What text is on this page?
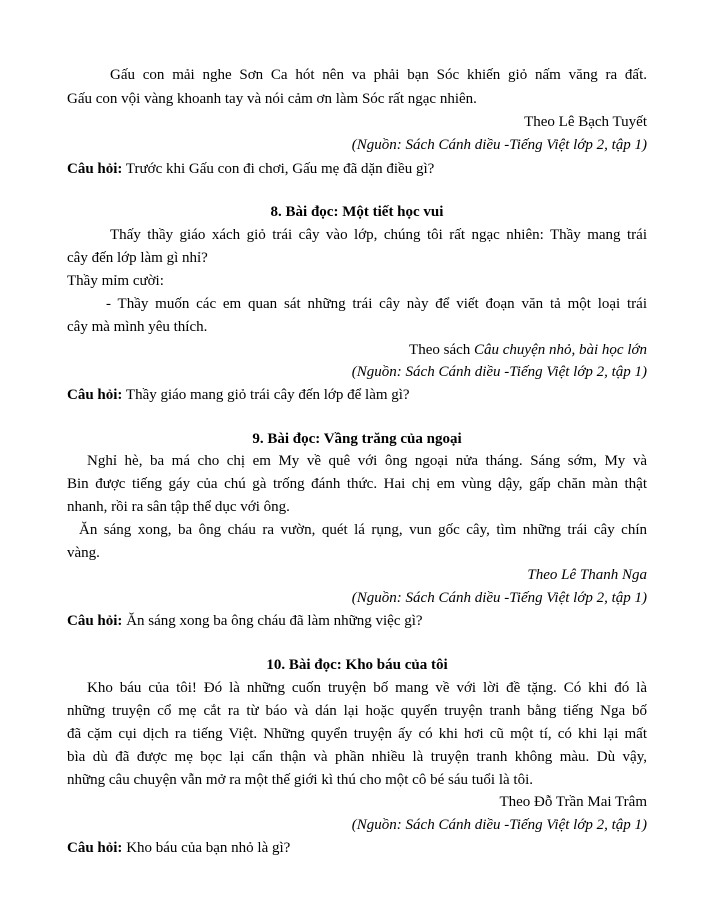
Gấu con mải nghe Sơn Ca hót nên va phải bạn Sóc khiến giỏ nấm văng ra đất.
Gấu con vội vàng khoanh tay và nói cảm ơn làm Sóc rất ngạc nhiên.
Theo Lê Bạch Tuyết
(Nguồn: Sách Cánh diều -Tiếng Việt lớp 2, tập 1)
Câu hỏi: Trước khi Gấu con đi chơi, Gấu mẹ đã dặn điều gì?
8. Bài đọc: Một tiết học vui
Thấy thầy giáo xách giỏ trái cây vào lớp, chúng tôi rất ngạc nhiên: Thầy mang trái
cây đến lớp làm gì nhỉ?
Thầy mỉm cười:
- Thầy muốn các em quan sát những trái cây này để viết đoạn văn tả một loại trái
cây mà mình yêu thích.
Theo sách Câu chuyện nhỏ, bài học lớn
(Nguồn: Sách Cánh diều -Tiếng Việt lớp 2, tập 1)
Câu hỏi: Thầy giáo mang giỏ trái cây đến lớp để làm gì?
9. Bài đọc: Vầng trăng của ngoại
Nghỉ hè, ba má cho chị em My về quê với ông ngoại nửa tháng. Sáng sớm, My và
Bin được tiếng gáy của chú gà trống đánh thức. Hai chị em vùng dậy, gấp chăn màn thật
nhanh, rồi ra sân tập thể dục với ông.
Ăn sáng xong, ba ông cháu ra vườn, quét lá rụng, vun gốc cây, tìm những trái cây chín
vàng.
Theo Lê Thanh Nga
(Nguồn: Sách Cánh diều -Tiếng Việt lớp 2, tập 1)
Câu hỏi: Ăn sáng xong ba ông cháu đã làm những việc gì?
10. Bài đọc: Kho báu của tôi
Kho báu của tôi! Đó là những cuốn truyện bố mang về với lời đề tặng. Có khi đó là
những truyện cổ mẹ cắt ra từ báo và dán lại hoặc quyển truyện tranh bằng tiếng Nga bố
đã cặm cụi dịch ra tiếng Việt. Những quyển truyện ấy có khi hơi cũ một tí, có khi lại mất
bìa dù đã được mẹ bọc lại cẩn thận và phần nhiều là truyện tranh không màu. Dù vậy,
những câu chuyện vẫn mở ra một thế giới kì thú cho một cô bé sáu tuổi là tôi.
Theo Đỗ Trần Mai Trâm
(Nguồn: Sách Cánh diều -Tiếng Việt lớp 2, tập 1)
Câu hỏi: Kho báu của bạn nhỏ là gì?
